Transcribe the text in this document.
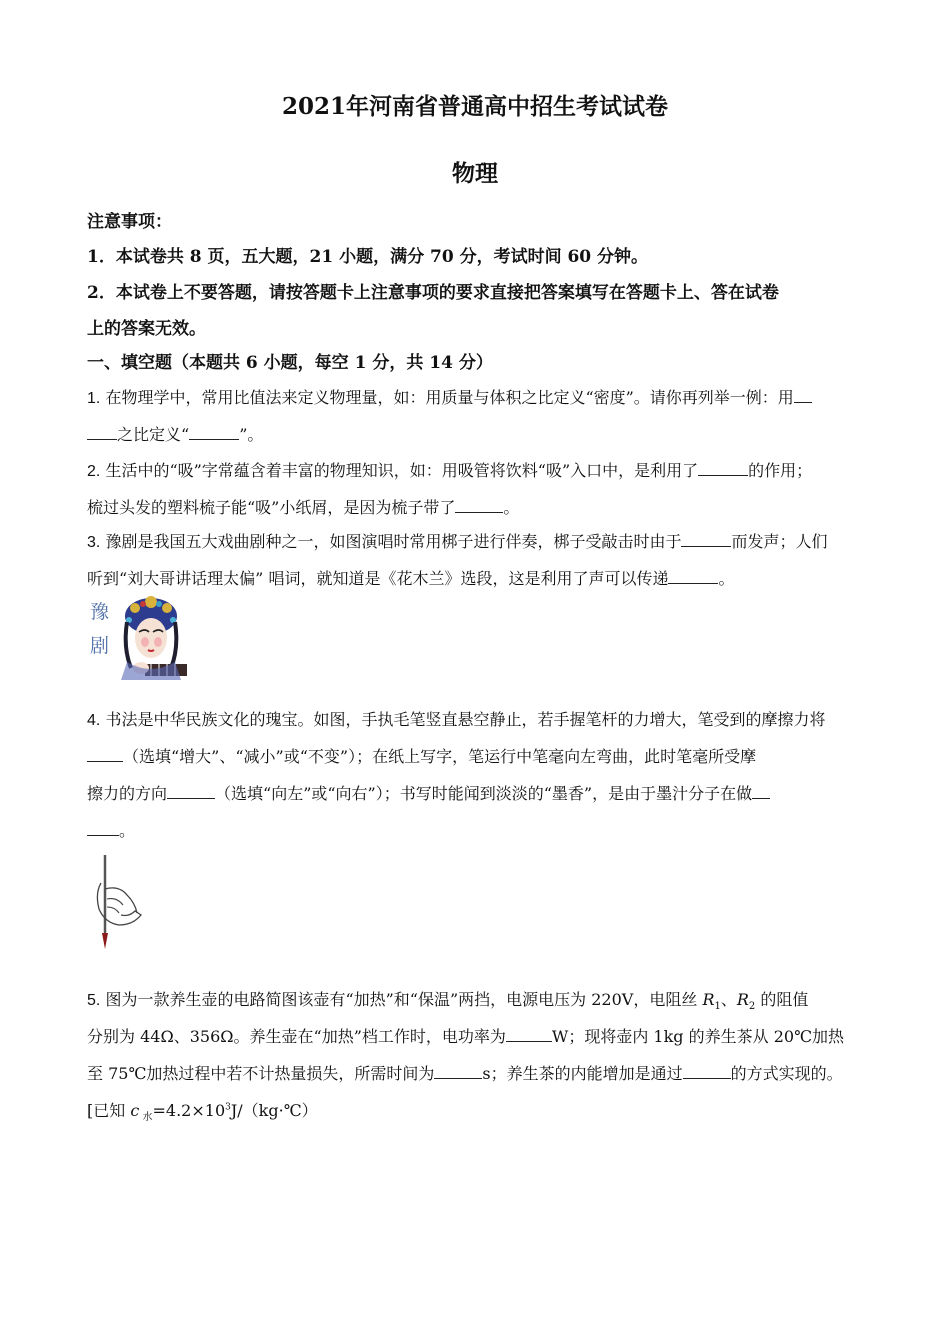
2021年河南省普通高中招生考试试卷
物理
注意事项：
1．本试卷共 8 页，五大题，21 小题，满分 70 分，考试时间 60 分钟。
2．本试卷上不要答题，请按答题卡上注意事项的要求直接把答案填写在答题卡上、答在试卷
上的答案无效。
一、填空题（本题共 6 小题，每空 1 分，共 14 分）
1. 在物理学中，常用比值法来定义物理量，如：用质量与体积之比定义“密度”。请你再列举一例：用
之比定义“	”。
2. 生活中的“吸”字常蕴含着丰富的物理知识，如：用吸管将饮料“吸”入口中，是利用了	的作用；
梳过头发的塑料梳子能“吸”小纸屑，是因为梳子带了	。
3. 豫剧是我国五大戏曲剧种之一，如图演唱时常用梆子进行伴奏，梆子受敲击时由于	而发声；人们
听到“刘大哥讲话理太偏” 唱词，就知道是《花木兰》选段，这是利用了声可以传递	。
豫
剧
4. 书法是中华民族文化的瑰宝。如图，手执毛笔竖直悬空静止，若手握笔杆的力增大，笔受到的摩擦力将
（选填“增大”、“减小”或“不变”）；在纸上写字，笔运行中笔毫向左弯曲，此时笔毫所受摩
擦力的方向	（选填“向左”或“向右”）；书写时能闻到淡淡的“墨香”，是由于墨汁分子在做
。
5. 图为一款养生壶的电路简图该壶有“加热”和“保温”两挡，电源电压为 220V，电阻丝 $R_1$、$R_2$ 的阻值
分别为 44Ω、356Ω。养生壶在“加热”档工作时，电功率为	W；现将壶内 1kg 的养生茶从 20℃加热
至 75℃加热过程中若不计热量损失，所需时间为	s；养生茶的内能增加是通过	的方式实现的。
[已知 c $_水=4.2\times 10^3J/(kg\cdot℃)$
